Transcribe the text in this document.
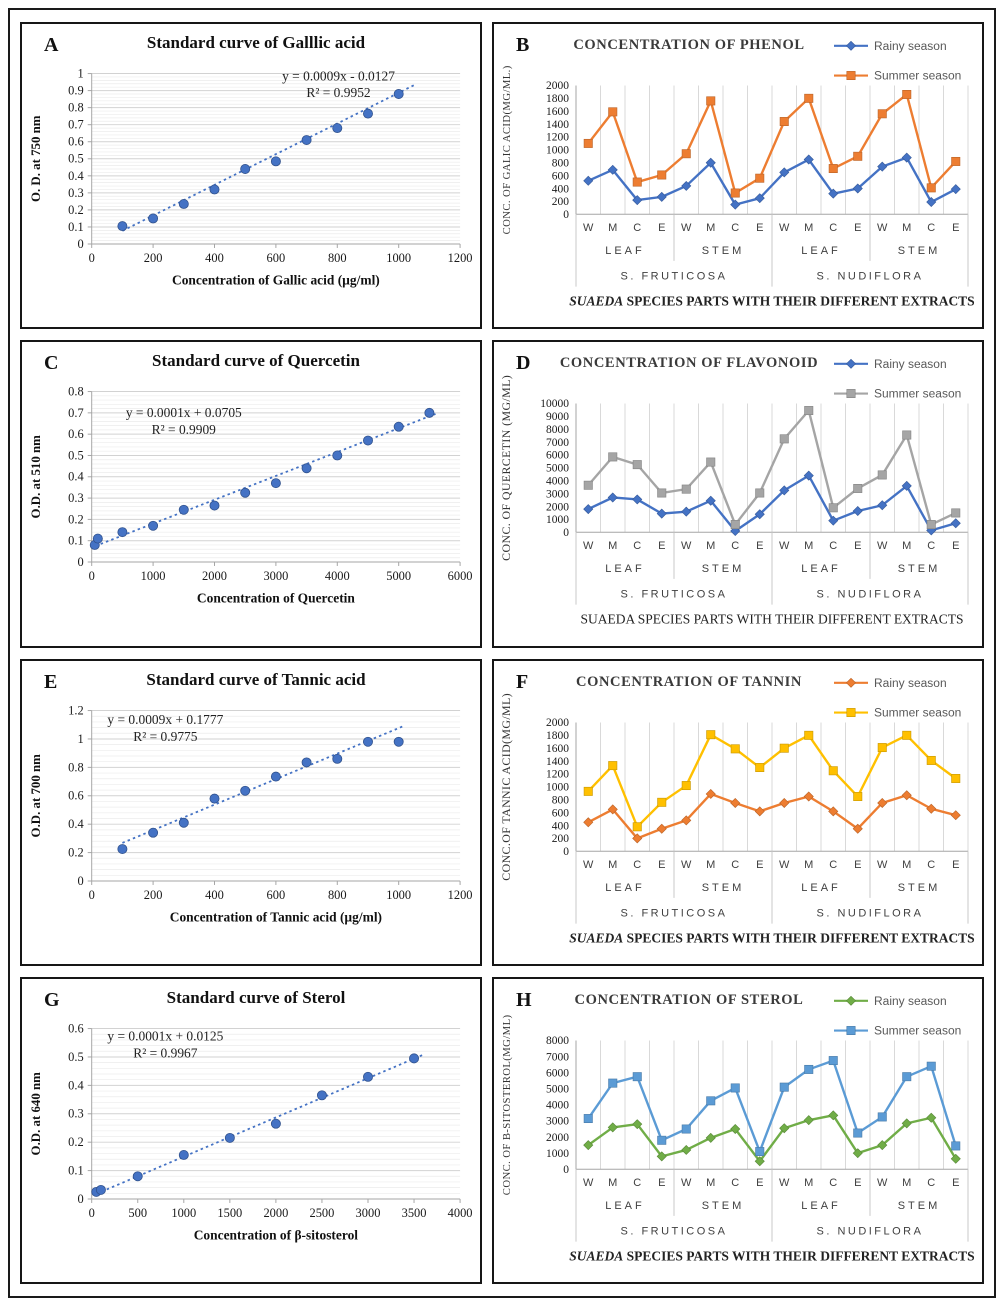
A	Standard curve of Galllic acid
0
0.1
0.2
0.3
0.4
0.5
0.6
0.7
0.8
0.9
1
0	200	400	600	800	1000	1200
Concentration of Gallic acid (µg/ml)
O. D. at 750 nm
y = 0.0009x - 0.0127
R² = 0.9952
B	CONCENTRATION OF PHENOL
0
200
400
600
800
1000
1200
1400
1600
1800
2000
W M C E W M C E W M C E W M C E
LEAF	STEM	LEAF	STEM
S. FRUTICOSA	S. NUDIFLORA
SUAEDA SPECIES PARTS WITH THEIR DIFFERENT EXTRACTS
CONC. OF GALIC ACID(MG/ML.)
Rainy season
Summer season
C	Standard curve of Quercetin
0
0.1
0.2
0.3
0.4
0.5
0.6
0.7
0.8
0	1000	2000	3000	4000	5000	6000
Concentration of Quercetin
O.D. at 510 nm
y = 0.0001x + 0.0705
R² = 0.9909
D	CONCENTRATION OF FLAVONOID
0
1000
2000
3000
4000
5000
6000
7000
8000
9000
10000
W M C E W M C E W M C E W M C E
LEAF	STEM	LEAF	STEM
S. FRUTICOSA	S. NUDIFLORA
SUAEDA SPECIES PARTS WITH THEIR DIFFERENT EXTRACTS
CONC. OF QUERCETIN (MG/ML)
Rainy season
Summer season
E	Standard curve of Tannic acid
0
0.2
0.4
0.6
0.8
1
1.2
0	200	400	600	800	1000	1200
Concentration of Tannic acid (µg/ml)
O.D. at 700 nm
y = 0.0009x + 0.1777
R² = 0.9775
F	CONCENTRATION OF TANNIN
0
200
400
600
800
1000
1200
1400
1600
1800
2000
W M C E W M C E W M C E W M C E
LEAF	STEM	LEAF	STEM
S. FRUTICOSA	S. NUDIFLORA
SUAEDA SPECIES PARTS WITH THEIR DIFFERENT EXTRACTS
CONC.OF TANNIC ACID(MG/ML)
Rainy season
Summer season
G	Standard curve of Sterol
0
0.1
0.2
0.3
0.4
0.5
0.6
0	500 1000 1500 2000 2500 3000 3500 4000
Concentration of β-sitosterol
O.D. at 640 nm
y = 0.0001x + 0.0125
R² = 0.9967
H	CONCENTRATION OF STEROL
0
1000
2000
3000
4000
5000
6000
7000
8000
W M C E W M C E W M C E W M C E
LEAF	STEM	LEAF	STEM
S. FRUTICOSA	S. NUDIFLORA
SUAEDA SPECIES PARTS WITH THEIR DIFFERENT EXTRACTS
CONC. OF B-SITOSTEROL(MG/ML)
Rainy season
Summer season
